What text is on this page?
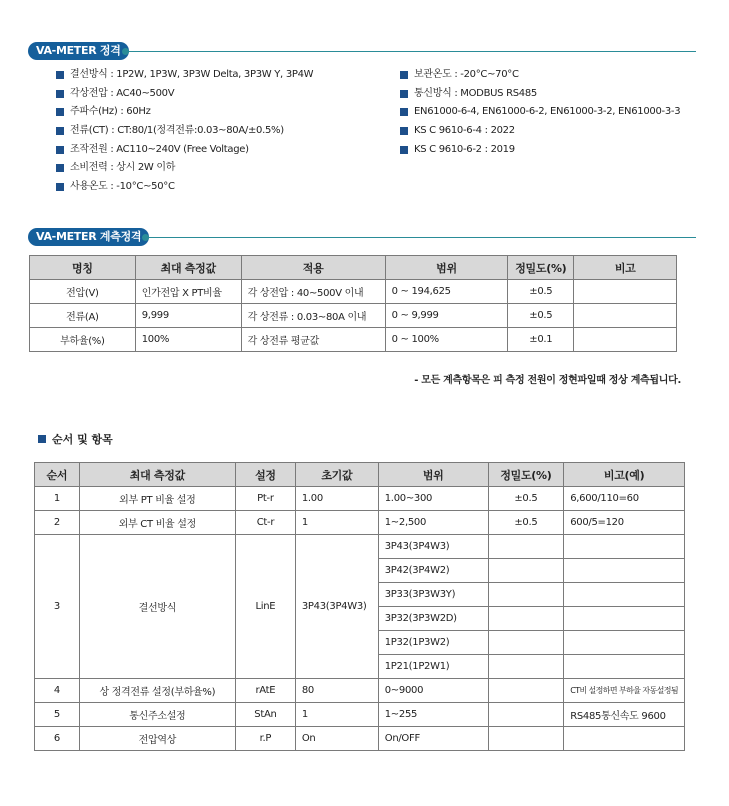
VA-METER 정격
결선방식 : 1P2W, 1P3W, 3P3W Delta, 3P3W Y, 3P4W
각상전압 : AC40~500V
주파수(Hz) : 60Hz
전류(CT) : CT:80/1(정격전류:0.03~80A/±0.5%)
조작전원 : AC110~240V (Free Voltage)
소비전력 : 상시 2W 이하
사용온도 : -10°C~50°C
보관온도 : -20°C~70°C
통신방식 : MODBUS RS485
EN61000-6-4, EN61000-6-2, EN61000-3-2, EN61000-3-3
KS C 9610-6-4 : 2022
KS C 9610-6-2 : 2019
VA-METER 계측정격
명칭	최대 측정값	적용	범위	정밀도(%)	비고
전압(V)	인가전압 X PT비율	각 상전압 : 40~500V 이내	0 ~ 194,625	±0.5	
전류(A)	9,999	각 상전류 : 0.03~80A 이내	0 ~ 9,999	±0.5	
부하율(%)	100%	각 상전류 평균값	0 ~ 100%	±0.1	
- 모든 계측항목은 피 측정 전원이 정현파일때 정상 계측됩니다.
순서 및 항목
순서	최대 측정값	설정	초기값	범위	정밀도(%)	비고(예)
1	외부 PT 비율 설정	Pt-r	1.00	1.00~300	±0.5	6,600/110=60
2	외부 CT 비율 설정	Ct-r	1	1~2,500	±0.5	600/5=120
3	결선방식	LinE	3P43(3P4W3)	3P43(3P4W3)		
				3P42(3P4W2)		
				3P33(3P3W3Y)		
				3P32(3P3W2D)		
				1P32(1P3W2)		
				1P21(1P2W1)		
4	상 정격전류 설정(부하율%)	rAtE	80	0~9000		CT비 설정하면 부하율 자동설정됨
5	통신주소설정	StAn	1	1~255		RS485통신속도 9600
6	전압역상	r.P	On	On/OFF		
